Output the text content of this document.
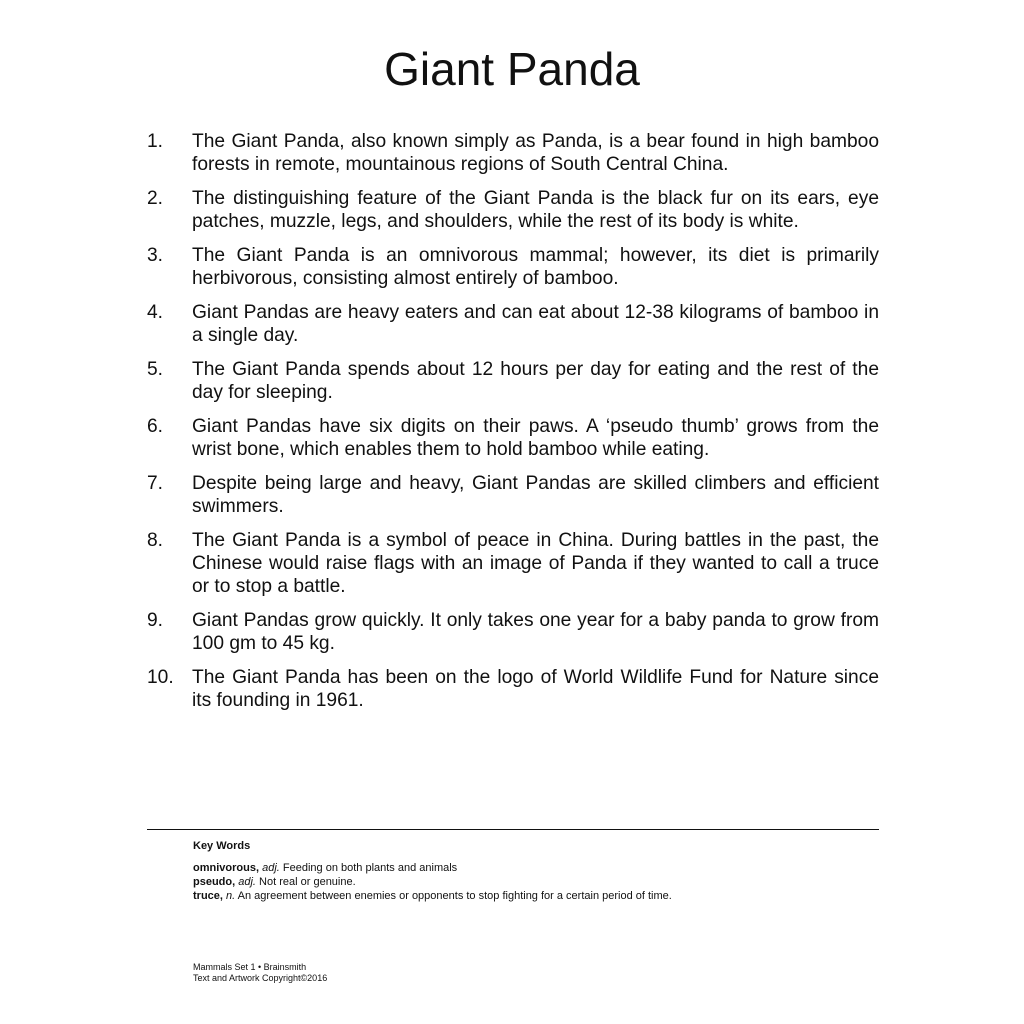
Giant Panda
1.	The Giant Panda, also known simply as Panda, is a bear found in high bamboo forests in remote, mountainous regions of South Central China.
2.	The distinguishing feature of the Giant Panda is the black fur on its ears, eye patches, muzzle, legs, and shoulders, while the rest of its body is white.
3.	The Giant Panda is an omnivorous mammal; however, its diet is primarily herbivorous, consisting almost entirely of bamboo.
4.	Giant Pandas are heavy eaters and can eat about 12-38 kilograms of bamboo in a single day.
5.	The Giant Panda spends about 12 hours per day for eating and the rest of the day for sleeping.
6.	Giant Pandas have six digits on their paws. A ‘pseudo thumb’ grows from the wrist bone, which enables them to hold bamboo while eating.
7.	Despite being large and heavy, Giant Pandas are skilled climbers and efficient swimmers.
8.	The Giant Panda is a symbol of peace in China. During battles in the past, the Chinese would raise flags with an image of Panda if they wanted to call a truce or to stop a battle.
9.	Giant Pandas grow quickly. It only takes one year for a baby panda to grow from 100 gm to 45 kg.
10. The Giant Panda has been on the logo of World Wildlife Fund for Nature since its founding in 1961.
Key Words
omnivorous, adj. Feeding on both plants and animals
pseudo, adj. Not real or genuine.
truce, n. An agreement between enemies or opponents to stop fighting for a certain period of time.
Mammals Set 1 • Brainsmith
Text and Artwork Copyright©2016
